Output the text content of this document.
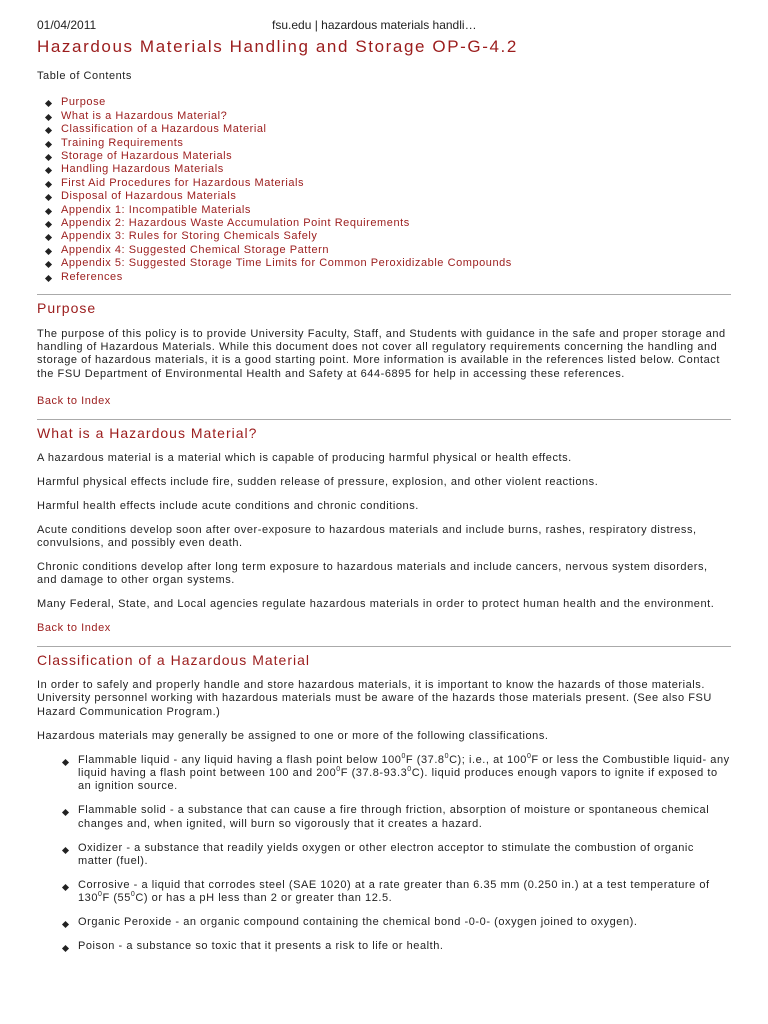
01/04/2011	fsu.edu | hazardous materials handli…
Hazardous Materials Handling and Storage OP-G-4.2

Table of Contents

Purpose
What is a Hazardous Material?
Classification of a Hazardous Material
Training Requirements
Storage of Hazardous Materials
Handling Hazardous Materials
First Aid Procedures for Hazardous Materials
Disposal of Hazardous Materials
Appendix 1: Incompatible Materials
Appendix 2: Hazardous Waste Accumulation Point Requirements
Appendix 3: Rules for Storing Chemicals Safely
Appendix 4: Suggested Chemical Storage Pattern
Appendix 5: Suggested Storage Time Limits for Common Peroxidizable Compounds
References
Purpose

The purpose of this policy is to provide University Faculty, Staff, and Students with guidance in the safe and proper storage and handling of Hazardous Materials. While this document does not cover all regulatory requirements concerning the handling and storage of hazardous materials, it is a good starting point. More information is available in the references listed below. Contact the FSU Department of Environmental Health and Safety at 644-6895 for help in accessing these references.

Back to Index
What is a Hazardous Material?

A hazardous material is a material which is capable of producing harmful physical or health effects.

Harmful physical effects include fire, sudden release of pressure, explosion, and other violent reactions.

Harmful health effects include acute conditions and chronic conditions.

Acute conditions develop soon after over-exposure to hazardous materials and include burns, rashes, respiratory distress, convulsions, and possibly even death.

Chronic conditions develop after long term exposure to hazardous materials and include cancers, nervous system disorders, and damage to other organ systems.

Many Federal, State, and Local agencies regulate hazardous materials in order to protect human health and the environment.

Back to Index
Classification of a Hazardous Material

In order to safely and properly handle and store hazardous materials, it is important to know the hazards of those materials. University personnel working with hazardous materials must be aware of the hazards those materials present. (See also FSU Hazard Communication Program.)

Hazardous materials may generally be assigned to one or more of the following classifications.

Flammable liquid - any liquid having a flash point below $100^0F$ (37.8$^0$C); i.e., at $100^0F$ or less the Combustible liquid- any liquid having a flash point between 100 and $200^0F$ (37.8-93.3$^0$C). liquid produces enough vapors to ignite if exposed to an ignition source.
Flammable solid - a substance that can cause a fire through friction, absorption of moisture or spontaneous chemical changes and, when ignited, will burn so vigorously that it creates a hazard.
Oxidizer - a substance that readily yields oxygen or other electron acceptor to stimulate the combustion of organic matter (fuel).
Corrosive - a liquid that corrodes steel (SAE 1020) at a rate greater than 6.35 mm (0.250 in.) at a test temperature of $130^0F$ $(55^0C)$ or has a pH less than 2 or greater than 12.5.
Organic Peroxide - an organic compound containing the chemical bond -0-0- (oxygen joined to oxygen).
Poison - a substance so toxic that it presents a risk to life or health.
